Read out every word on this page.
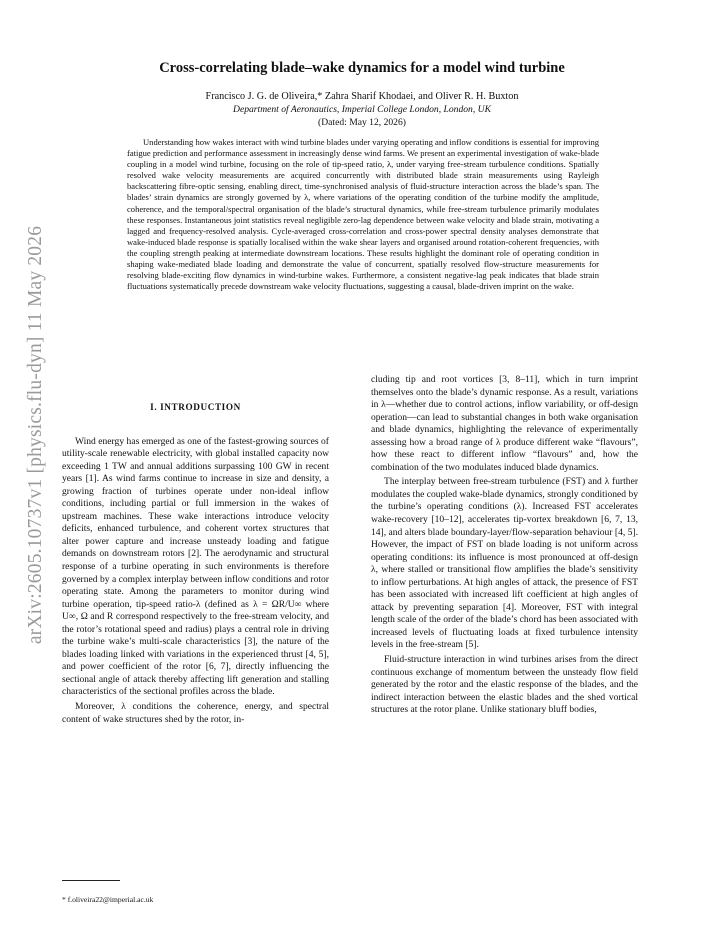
arXiv:2605.10737v1 [physics.flu-dyn] 11 May 2026
Cross-correlating blade–wake dynamics for a model wind turbine
Francisco J. G. de Oliveira,* Zahra Sharif Khodaei, and Oliver R. H. Buxton
Department of Aeronautics, Imperial College London, London, UK
(Dated: May 12, 2026)

Understanding how wakes interact with wind turbine blades under varying operating and inflow conditions is essential for improving fatigue prediction and performance assessment in increasingly dense wind farms. We present an experimental investigation of wake-blade coupling in a model wind turbine, focusing on the role of tip-speed ratio, λ, under varying free-stream turbulence conditions. Spatially resolved wake velocity measurements are acquired concurrently with distributed blade strain measurements using Rayleigh backscattering fibre-optic sensing, enabling direct, time-synchronised analysis of fluid-structure interaction across the blade’s span. The blades’ strain dynamics are strongly governed by λ, where variations of the operating condition of the turbine modify the amplitude, coherence, and the temporal/spectral organisation of the blade’s structural dynamics, while free-stream turbulence primarily modulates these responses. Instantaneous joint statistics reveal negligible zero-lag dependence between wake velocity and blade strain, motivating a lagged and frequency-resolved analysis. Cycle-averaged cross-correlation and cross-power spectral density analyses demonstrate that wake-induced blade response is spatially localised within the wake shear layers and organised around rotation-coherent frequencies, with the coupling strength peaking at intermediate downstream locations. These results highlight the dominant role of operating condition in shaping wake-mediated blade loading and demonstrate the value of concurrent, spatially resolved flow-structure measurements for resolving blade-exciting flow dynamics in wind-turbine wakes. Furthermore, a consistent negative-lag peak indicates that blade strain fluctuations systematically precede downstream wake velocity fluctuations, suggesting a causal, blade-driven imprint on the wake.

I. INTRODUCTION

Wind energy has emerged as one of the fastest-growing sources of utility-scale renewable electricity, with global installed capacity now exceeding 1 TW and annual additions surpassing 100 GW in recent years [1]. As wind farms continue to increase in size and density, a growing fraction of turbines operate under non-ideal inflow conditions, including partial or full immersion in the wakes of upstream machines. These wake interactions introduce velocity deficits, enhanced turbulence, and coherent vortex structures that alter power capture and increase unsteady loading and fatigue demands on downstream rotors [2]. The aerodynamic and structural response of a turbine operating in such environments is therefore governed by a complex interplay between inflow conditions and rotor operating state. Among the parameters to monitor during wind turbine operation, tip-speed ratio-λ (defined as λ = ΩR/U∞ where U∞, Ω and R correspond respectively to the free-stream velocity, and the rotor’s rotational speed and radius) plays a central role in driving the turbine wake’s multi-scale characteristics [3], the nature of the blades loading linked with variations in the experienced thrust [4, 5], and power coefficient of the rotor [6, 7], directly influencing the sectional angle of attack thereby affecting lift generation and stalling characteristics of the sectional profiles across the blade.

Moreover, λ conditions the coherence, energy, and spectral content of wake structures shed by the rotor, in-

cluding tip and root vortices [3, 8–11], which in turn imprint themselves onto the blade’s dynamic response. As a result, variations in λ—whether due to control actions, inflow variability, or off-design operation—can lead to substantial changes in both wake organisation and blade dynamics, highlighting the relevance of experimentally assessing how a broad range of λ produce different wake “flavours”, how these react to different inflow “flavours” and, how the combination of the two modulates induced blade dynamics.

The interplay between free-stream turbulence (FST) and λ further modulates the coupled wake-blade dynamics, strongly conditioned by the turbine’s operating conditions (λ). Increased FST accelerates wake-recovery [10–12], accelerates tip-vortex breakdown [6, 7, 13, 14], and alters blade boundary-layer/flow-separation behaviour [4, 5]. However, the impact of FST on blade loading is not uniform across operating conditions: its influence is most pronounced at off-design λ, where stalled or transitional flow amplifies the blade’s sensitivity to inflow perturbations. At high angles of attack, the presence of FST has been associated with increased lift coefficient at high angles of attack by preventing separation [4]. Moreover, FST with integral length scale of the order of the blade’s chord has been associated with increased levels of fluctuating loads at fixed turbulence intensity levels in the free-stream [5].

Fluid-structure interaction in wind turbines arises from the direct continuous exchange of momentum between the unsteady flow field generated by the rotor and the elastic response of the blades, and the indirect interaction between the elastic blades and the shed vortical structures at the rotor plane. Unlike stationary bluff bodies,

* f.oliveira22@imperial.ac.uk
